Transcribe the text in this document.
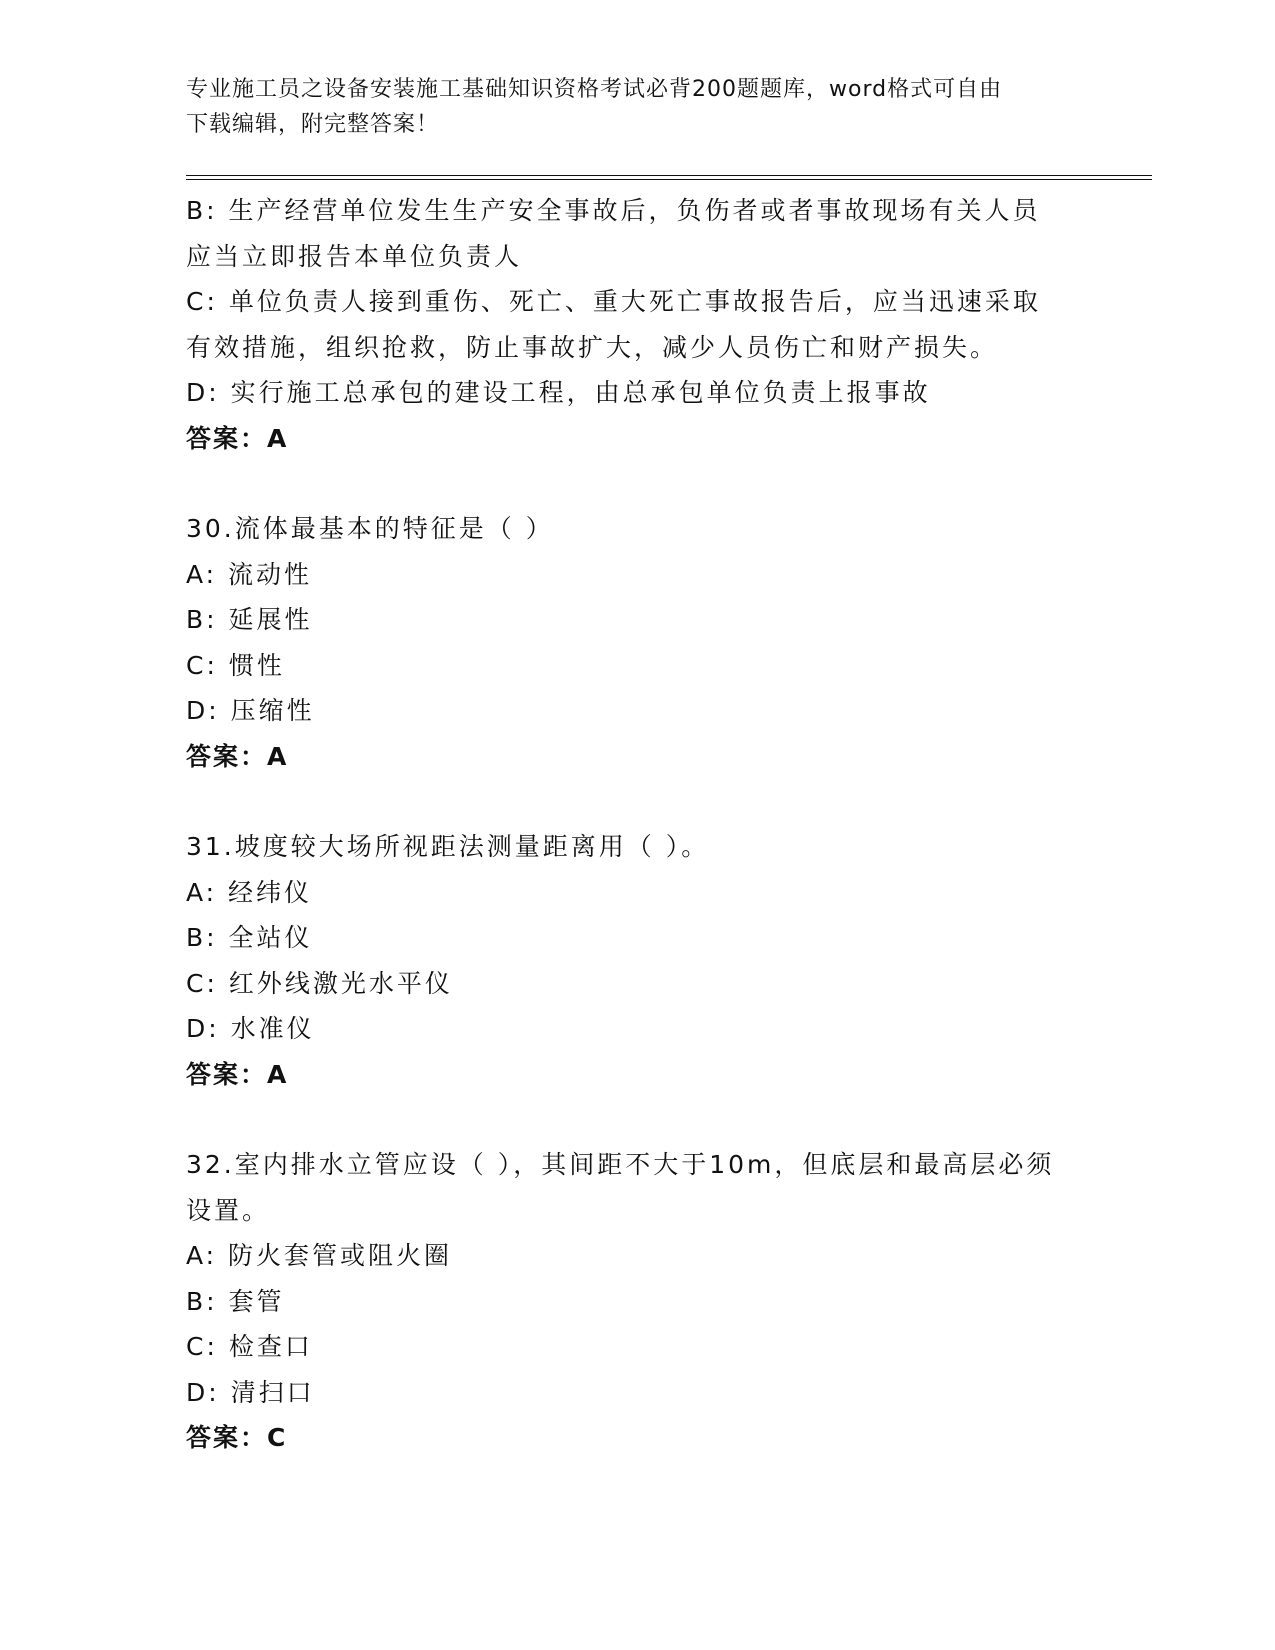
专业施工员之设备安装施工基础知识资格考试必背200题题库，word格式可自由
下载编辑，附完整答案！
B: 生产经营单位发生生产安全事故后，负伤者或者事故现场有关人员
应当立即报告本单位负责人
C: 单位负责人接到重伤、死亡、重大死亡事故报告后，应当迅速采取
有效措施，组织抢救，防止事故扩大，减少人员伤亡和财产损失。
D: 实行施工总承包的建设工程，由总承包单位负责上报事故
答案：A
30.流体最基本的特征是（ ）
A: 流动性
B: 延展性
C: 惯性
D: 压缩性
答案：A
31.坡度较大场所视距法测量距离用（ ）。
A: 经纬仪
B: 全站仪
C: 红外线激光水平仪
D: 水准仪
答案：A
32.室内排水立管应设（ ），其间距不大于10m，但底层和最高层必须
设置。
A: 防火套管或阻火圈
B: 套管
C: 检查口
D: 清扫口
答案：C
